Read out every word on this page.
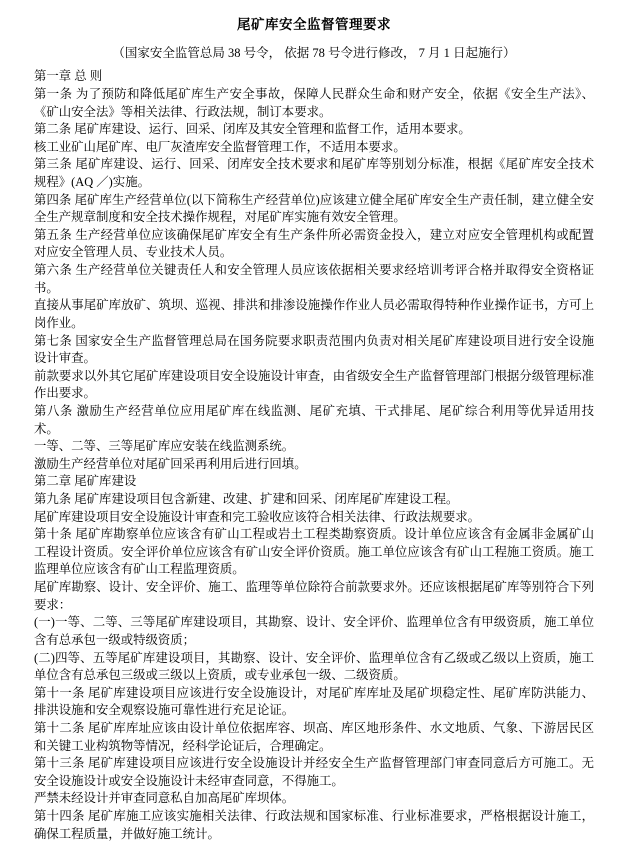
尾矿库安全监督管理要求
（国家安全监管总局 38 号令， 依据 78 号令进行修改， 7 月 1 日起施行）

第一章 总 则

第一条 为了预防和降低尾矿库生产安全事故，保障人民群众生命和财产安全，依据《安全生产法》、《矿山安全法》等相关法律、行政法规，制订本要求。

第二条 尾矿库建设、运行、回采、闭库及其安全管理和监督工作，适用本要求。

核工业矿山尾矿库、电厂灰渣库安全监督管理工作，不适用本要求。

第三条 尾矿库建设、运行、回采、闭库安全技术要求和尾矿库等别划分标准，根据《尾矿库安全技术规程》(AQ ／)实施。

第四条 尾矿库生产经营单位(以下简称生产经营单位)应该建立健全尾矿库安全生产责任制，建立健全安全生产规章制度和安全技术操作规程，对尾矿库实施有效安全管理。

第五条 生产经营单位应该确保尾矿库安全有生产条件所必需资金投入，建立对应安全管理机构或配置对应安全管理人员、专业技术人员。

第六条 生产经营单位关键责任人和安全管理人员应该依据相关要求经培训考评合格并取得安全资格证书。

直接从事尾矿库放矿、筑坝、巡视、排洪和排渗设施操作作业人员必需取得特种作业操作证书，方可上岗作业。

第七条 国家安全生产监督管理总局在国务院要求职责范围内负责对相关尾矿库建设项目进行安全设施设计审查。

前款要求以外其它尾矿库建设项目安全设施设计审查，由省级安全生产监督管理部门根据分级管理标准作出要求。

第八条 激励生产经营单位应用尾矿库在线监测、尾矿充填、干式排尾、尾矿综合利用等优异适用技术。

一等、二等、三等尾矿库应安装在线监测系统。

激励生产经营单位对尾矿回采再利用后进行回填。

第二章 尾矿库建设

第九条 尾矿库建设项目包含新建、改建、扩建和回采、闭库尾矿库建设工程。

尾矿库建设项目安全设施设计审查和完工验收应该符合相关法律、行政法规要求。

第十条 尾矿库勘察单位应该含有矿山工程或岩土工程类勘察资质。设计单位应该含有金属非金属矿山工程设计资质。安全评价单位应该含有矿山安全评价资质。施工单位应该含有矿山工程施工资质。施工监理单位应该含有矿山工程监理资质。

尾矿库勘察、设计、安全评价、施工、监理等单位除符合前款要求外。还应该根据尾矿库等别符合下列要求：

(一)一等、二等、三等尾矿库建设项目，其勘察、设计、安全评价、监理单位含有甲级资质，施工单位含有总承包一级或特级资质；

(二)四等、五等尾矿库建设项目，其勘察、设计、安全评价、监理单位含有乙级或乙级以上资质，施工单位含有总承包三级或三级以上资质，或专业承包一级、二级资质。

第十一条 尾矿库建设项目应该进行安全设施设计，对尾矿库库址及尾矿坝稳定性、尾矿库防洪能力、排洪设施和安全观察设施可靠性进行充足论证。

第十二条 尾矿库库址应该由设计单位依据库容、坝高、库区地形条件、水文地质、气象、下游居民区和关键工业构筑物等情况，经科学论证后，合理确定。

第十三条 尾矿库建设项目应该进行安全设施设计并经安全生产监督管理部门审查同意后方可施工。无安全设施设计或安全设施设计未经审查同意，不得施工。

严禁未经设计并审查同意私自加高尾矿库坝体。

第十四条 尾矿库施工应该实施相关法律、行政法规和国家标准、行业标准要求，严格根据设计施工，确保工程质量，并做好施工统计。
